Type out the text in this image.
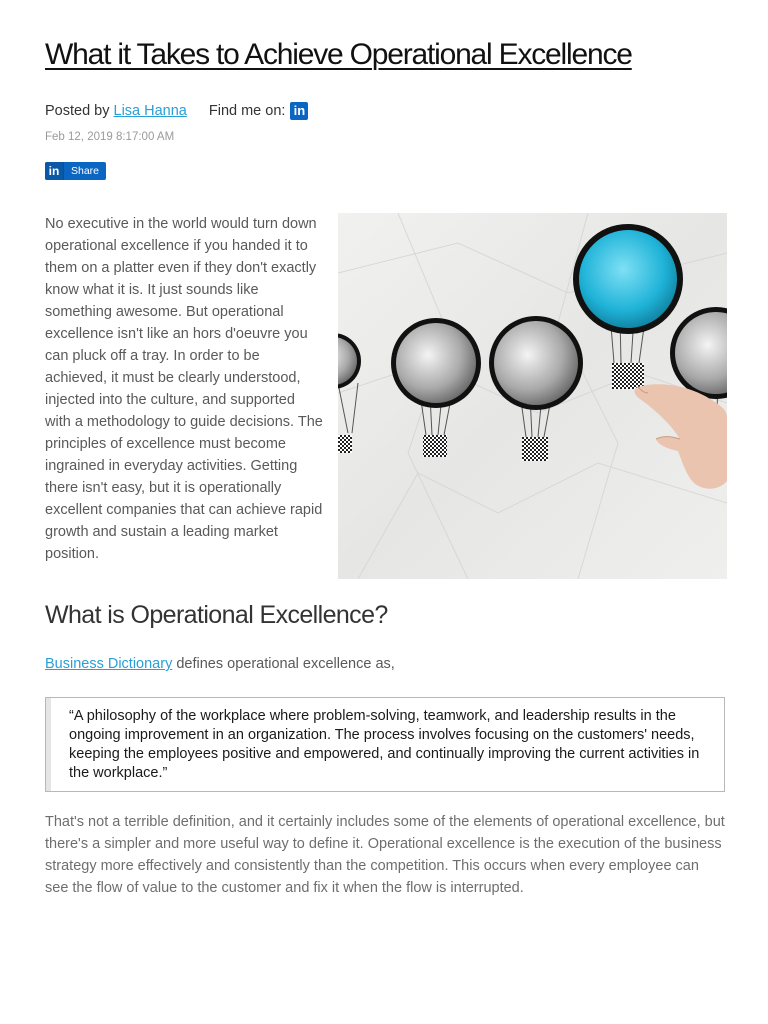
What it Takes to Achieve Operational Excellence
Posted by Lisa Hanna Find me on: in
Feb 12, 2019 8:17:00 AM
in	Share

No executive in the world would turn down operational excellence if you handed it to them on a platter even if they don't exactly know what it is. It just sounds like something awesome. But operational excellence isn't like an hors d'oeuvre you can pluck off a tray. In order to be achieved, it must be clearly understood, injected into the culture, and supported with a methodology to guide decisions. The principles of excellence must become ingrained in everyday activities. Getting there isn't easy, but it is operationally excellent companies that can achieve rapid growth and sustain a leading market position.

What is Operational Excellence?
Business Dictionary defines operational excellence as,

“A philosophy of the workplace where problem-solving, teamwork, and leadership results in the ongoing improvement in an organization. The process involves focusing on the customers' needs, keeping the employees positive and empowered, and continually improving the current activities in the workplace.”

That's not a terrible definition, and it certainly includes some of the elements of operational excellence, but there's a simpler and more useful way to define it. Operational excellence is the execution of the business strategy more effectively and consistently than the competition. This occurs when every employee can see the flow of value to the customer and fix it when the flow is interrupted.
